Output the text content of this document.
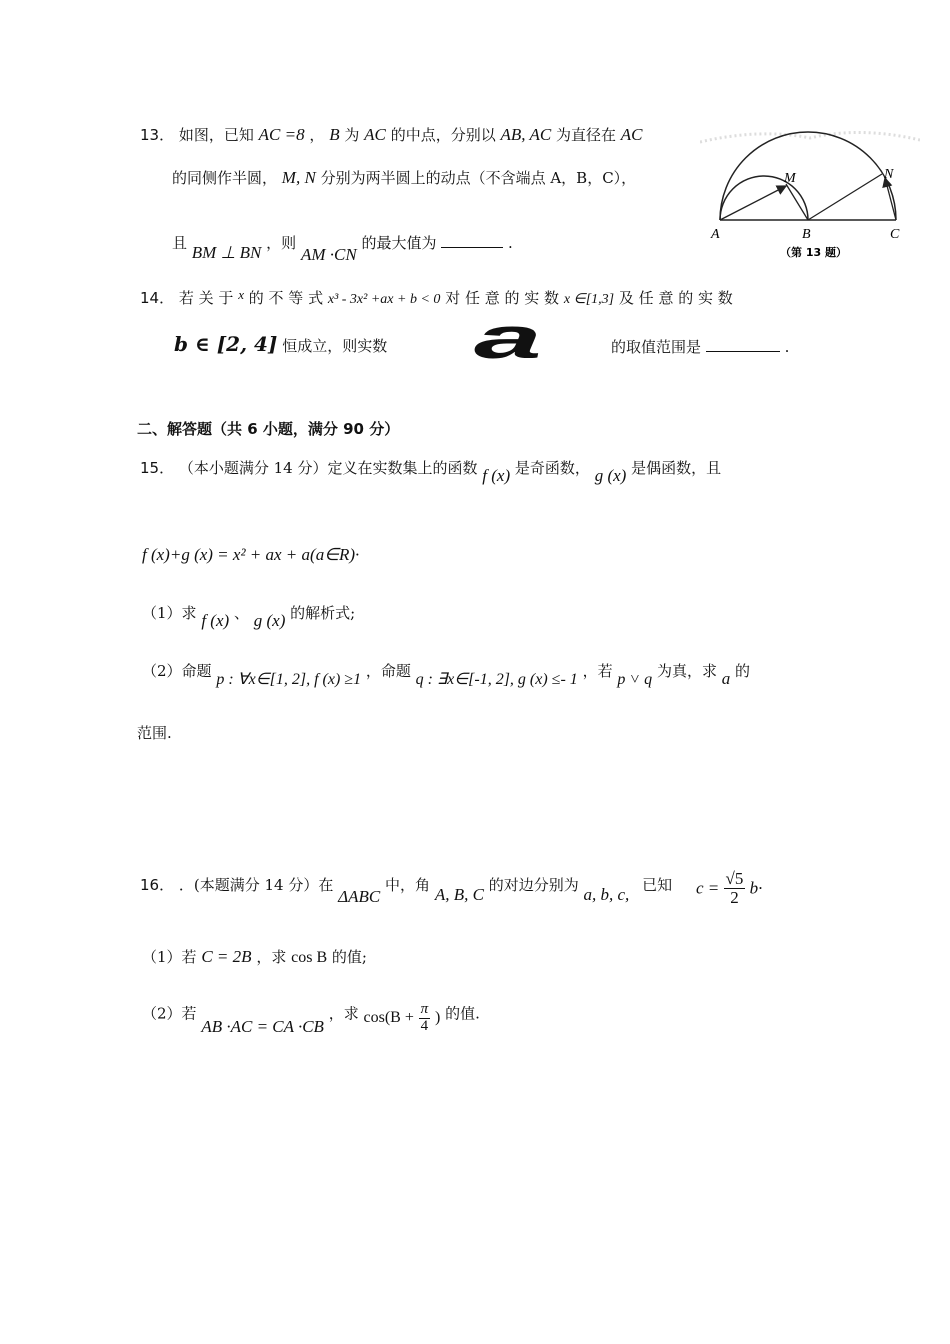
13． 如图，已知 AC =8 ， B 为 AC 的中点，分别以 AB, AC 为直径在 AC
的同侧作半圆， M, N 分别为两半圆上的动点（不含端点 A，B，C），
且 BM ⊥ BN ，则 AM ·CN 的最大值为	.	A	B	C
M	N
（第 13 题）
14． 若 关 于 x 的 不 等 式 x³ - 3x² +ax + b < 0 对 任 意 的 实 数 x ∈[1,3] 及 任 意 的 实 数
b ∈ [2, 4] 恒成立，则实数 a	的取值范围是	.
二、解答题（共 6 小题，满分 90 分）
15． （本小题满分 14 分）定义在实数集上的函数 f (x) 是奇函数， g (x) 是偶函数，且
f (x)+g (x) = x² + ax + a(a∈R)·
（1）求 f (x) 、 g (x) 的解析式;
（2）命题 p : ∀x∈[1, 2], f (x) ≥1 ，命题 q : ∃x∈[-1, 2], g (x) ≤- 1 ，若 p ˅ q 为真，求 a 的
范围.
16． ．(本题满分 14 分）在 ΔABC 中，角 A, B, C 的对边分别为 a, b, c, 已知 $c = \frac{√5}{2} b\cdot$
（1）若 C = 2B ，求 cos B 的值;
（2）若 AB ·AC = CA ·CB ，求 $\cos(B + \frac{\pi}{4}$ ) 的值.
